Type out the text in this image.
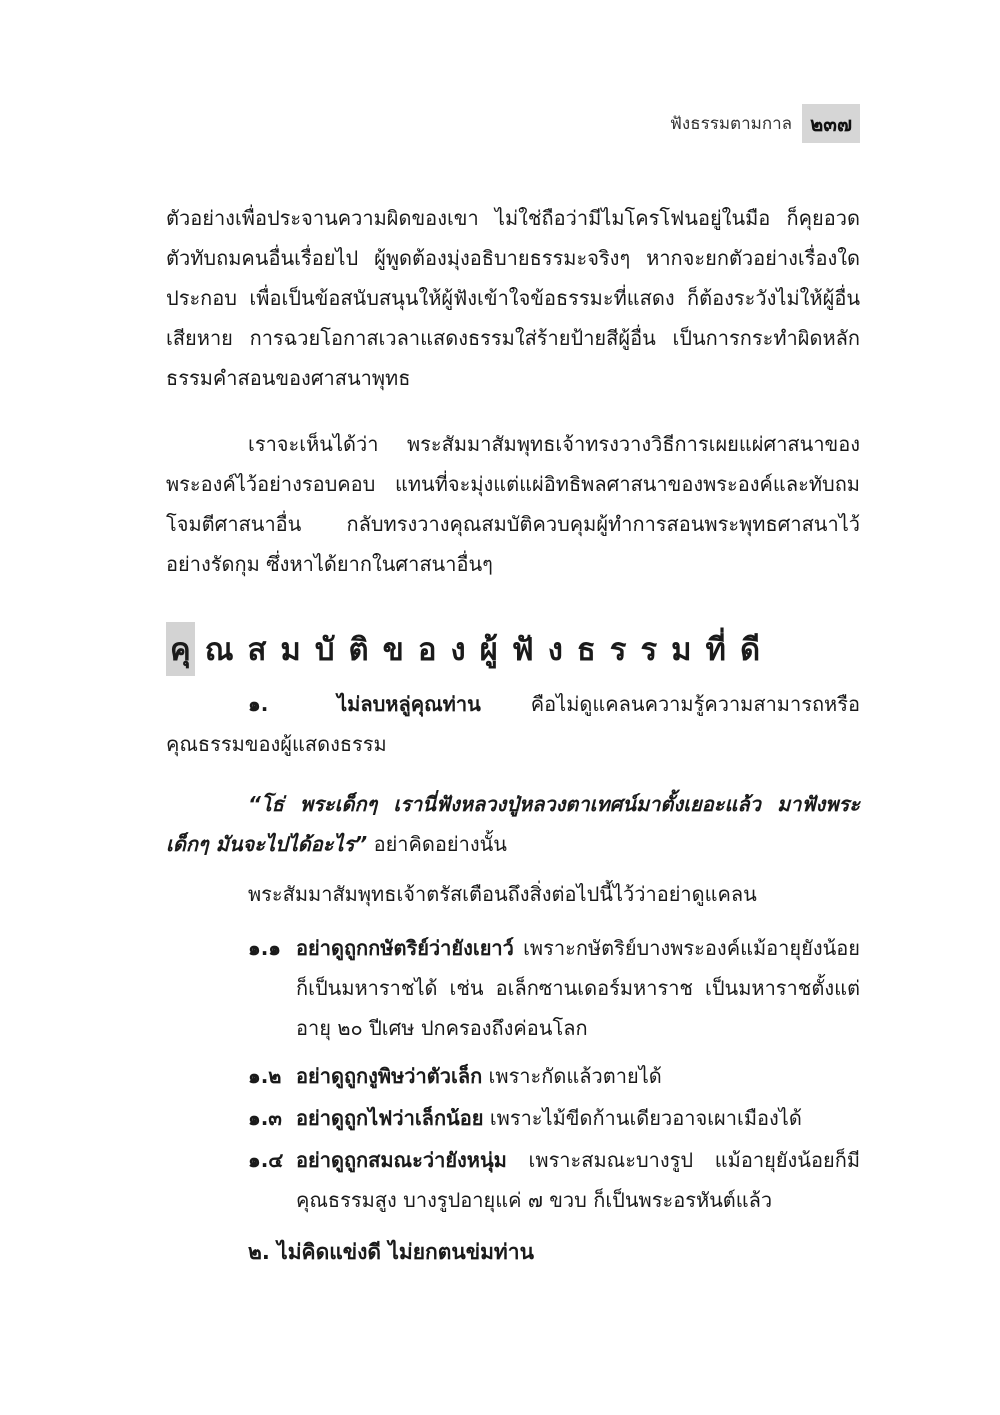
ฟังธรรมตามกาล ๒๓๗

ตัวอย่างเพื่อประจานความผิดของเขา ไม่ใช่ถือว่ามีไมโครโฟนอยู่ในมือ ก็คุยอวดตัวทับถมคนอื่นเรื่อยไป ผู้พูดต้องมุ่งอธิบายธรรมะจริงๆ หากจะยกตัวอย่างเรื่องใดประกอบ เพื่อเป็นข้อสนับสนุนให้ผู้ฟังเข้าใจข้อธรรมะที่แสดง ก็ต้องระวังไม่ให้ผู้อื่นเสียหาย การฉวยโอกาสเวลาแสดงธรรมใส่ร้ายป้ายสีผู้อื่น เป็นการกระทำผิดหลักธรรมคำสอนของศาสนาพุทธ

เราจะเห็นได้ว่า พระสัมมาสัมพุทธเจ้าทรงวางวิธีการเผยแผ่ศาสนาของพระองค์ไว้อย่างรอบคอบ แทนที่จะมุ่งแต่แผ่อิทธิพลศาสนาของพระองค์และทับถมโจมตีศาสนาอื่น กลับทรงวางคุณสมบัติควบคุมผู้ทำการสอนพระพุทธศาสนาไว้อย่างรัดกุม ซึ่งหาได้ยากในศาสนาอื่นๆ

คุ ณสมบัติของผู้ฟังธรรมที่ดี

๑. ไม่ลบหลู่คุณท่าน	คือไม่ดูแคลนความรู้ความสามารถหรือคุณธรรมของผู้แสดงธรรม

“โธ่ พระเด็กๆ เรานี่ฟังหลวงปู่หลวงตาเทศน์มาตั้งเยอะแล้ว มาฟังพระเด็กๆ มันจะไปได้อะไร” อย่าคิดอย่างนั้น

พระสัมมาสัมพุทธเจ้าตรัสเตือนถึงสิ่งต่อไปนี้ไว้ว่าอย่าดูแคลน

๑.๑ อย่าดูถูกกษัตริย์ว่ายังเยาว์ เพราะกษัตริย์บางพระองค์แม้อายุยังน้อยก็เป็นมหาราชได้ เช่น อเล็กซานเดอร์มหาราช เป็นมหาราชตั้งแต่อายุ ๒๐ ปีเศษ ปกครองถึงค่อนโลก
๑.๒ อย่าดูถูกงูพิษว่าตัวเล็ก เพราะกัดแล้วตายได้
๑.๓ อย่าดูถูกไฟว่าเล็กน้อย เพราะไม้ขีดก้านเดียวอาจเผาเมืองได้
๑.๔ อย่าดูถูกสมณะว่ายังหนุ่ม เพราะสมณะบางรูป แม้อายุยังน้อยก็มีคุณธรรมสูง บางรูปอายุแค่ ๗ ขวบ ก็เป็นพระอรหันต์แล้ว

๒. ไม่คิดแข่งดี ไม่ยกตนข่มท่าน
